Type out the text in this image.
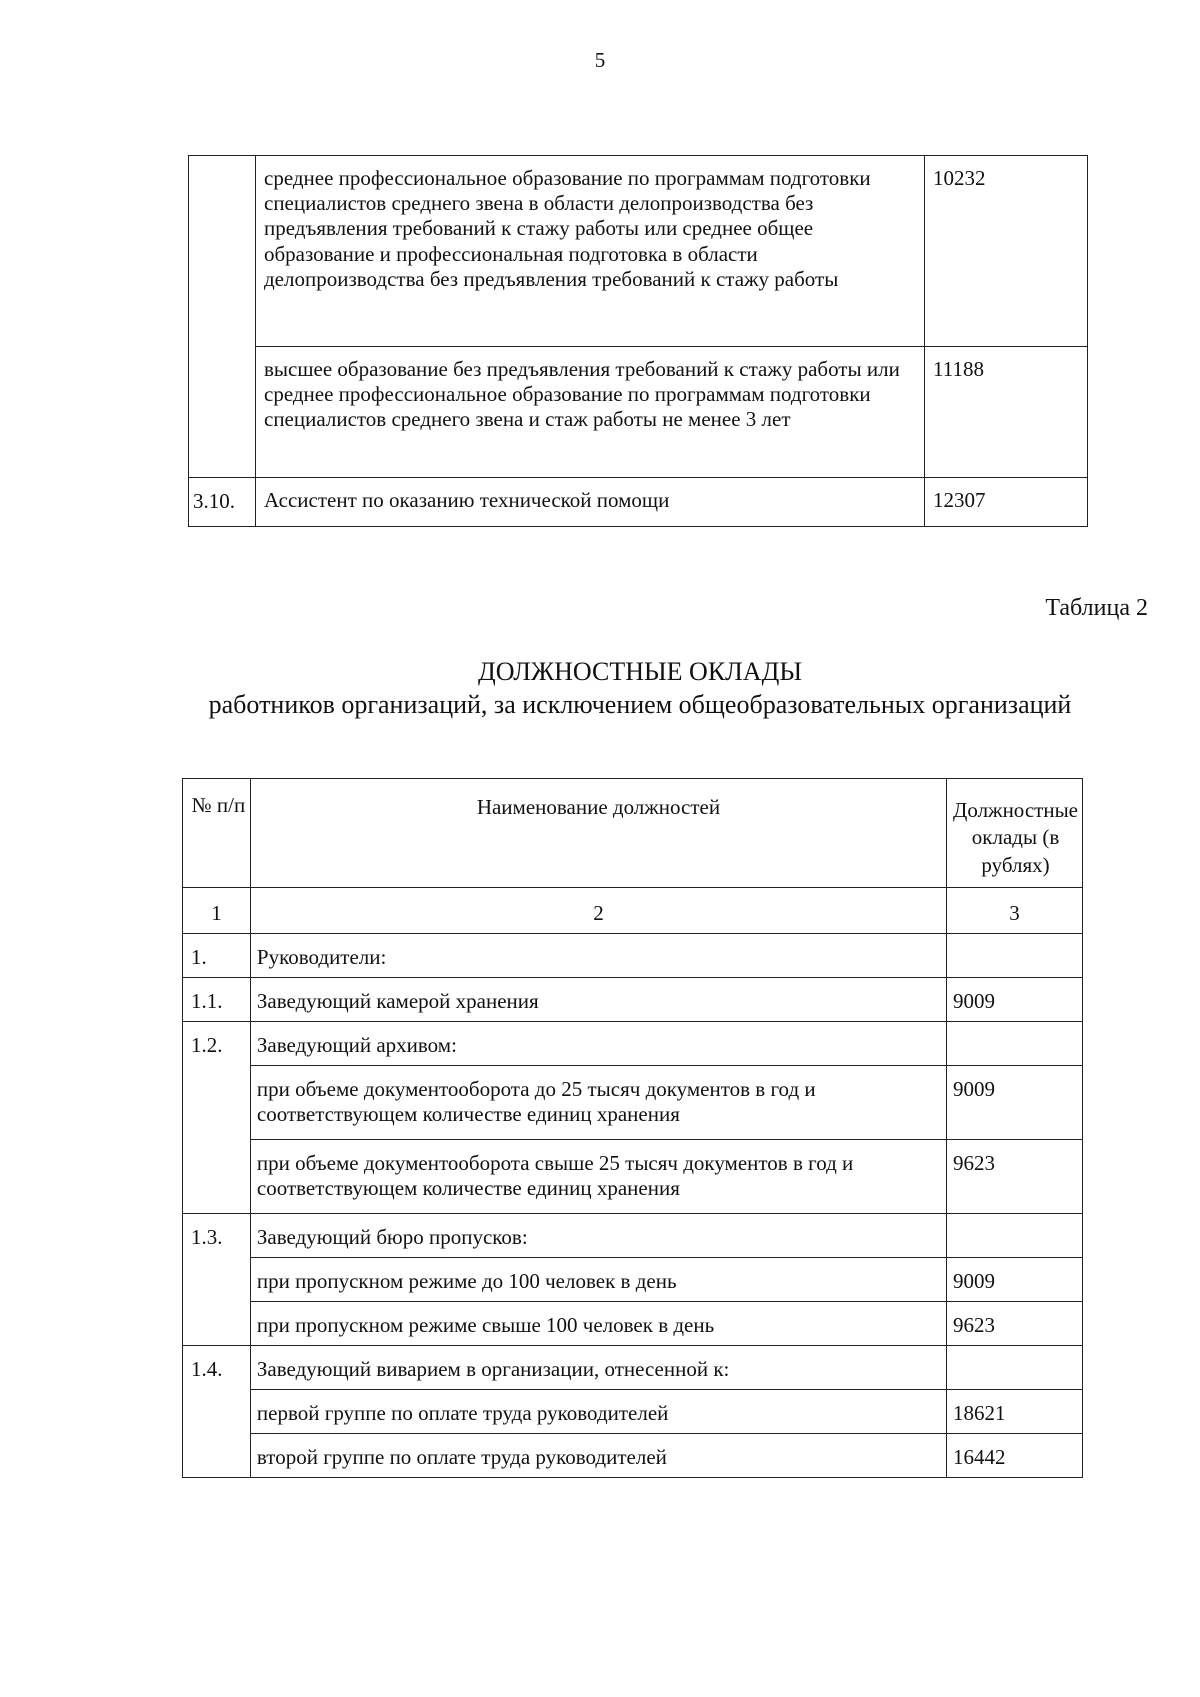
5
	среднее профессиональное образование по программам подготовки специалистов среднего звена в области делопроизводства без предъявления требований к стажу работы или среднее общее образование и профессиональная подготовка в области делопроизводства без предъявления требований к стажу работы	10232
	высшее образование без предъявления требований к стажу работы или среднее профессиональное образование по программам подготовки специалистов среднего звена и стаж работы не менее 3 лет	11188
3.10.	Ассистент по оказанию технической помощи	12307
Таблица 2
ДОЛЖНОСТНЫЕ ОКЛАДЫ
работников организаций, за исключением общеобразовательных организаций
№ п/п	Наименование должностей	Должностные оклады (в рублях)
1	2	3
1.	Руководители:	
1.1.	Заведующий камерой хранения	9009
1.2.	Заведующий архивом:	
	при объеме документооборота до 25 тысяч документов в год и соответствующем количестве единиц хранения	9009
	при объеме документооборота свыше 25 тысяч документов в год и соответствующем количестве единиц хранения	9623
1.3.	Заведующий бюро пропусков:	
	при пропускном режиме до 100 человек в день	9009
	при пропускном режиме свыше 100 человек в день	9623
1.4.	Заведующий виварием в организации, отнесенной к:	
	первой группе по оплате труда руководителей	18621
	второй группе по оплате труда руководителей	16442
